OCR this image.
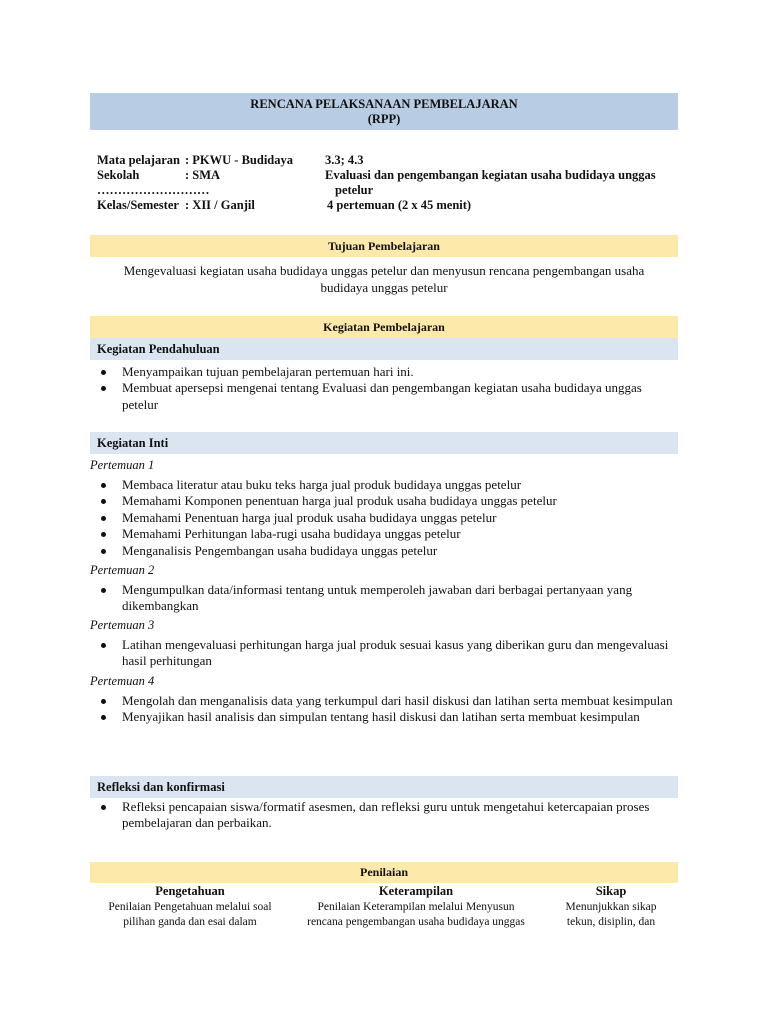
RENCANA PELAKSANAAN PEMBELAJARAN
(RPP)
Mata pelajaran : PKWU - Budidaya
Sekolah	: SMA
………………………
Kelas/Semester : XII / Ganjil
3.3; 4.3
Evaluasi dan pengembangan kegiatan usaha budidaya unggas
petelur
4 pertemuan (2 x 45 menit)
Tujuan Pembelajaran
Mengevaluasi kegiatan usaha budidaya unggas petelur dan menyusun rencana pengembangan usaha
budidaya unggas petelur
Kegiatan Pembelajaran
Kegiatan Pendahuluan
Menyampaikan tujuan pembelajaran pertemuan hari ini.
Membuat apersepsi mengenai tentang Evaluasi dan pengembangan kegiatan usaha budidaya unggas petelur
Kegiatan Inti
Pertemuan 1
Membaca literatur atau buku teks harga jual produk budidaya unggas petelur
Memahami Komponen penentuan harga jual produk usaha budidaya unggas petelur
Memahami Penentuan harga jual produk usaha budidaya unggas petelur
Memahami Perhitungan laba-rugi usaha budidaya unggas petelur
Menganalisis Pengembangan usaha budidaya unggas petelur
Pertemuan 2
Mengumpulkan data/informasi tentang untuk memperoleh jawaban dari berbagai pertanyaan yang dikembangkan
Pertemuan 3
Latihan mengevaluasi perhitungan harga jual produk sesuai kasus yang diberikan guru dan mengevaluasi hasil perhitungan
Pertemuan 4
Mengolah dan menganalisis data yang terkumpul dari hasil diskusi dan latihan serta membuat kesimpulan
Menyajikan hasil analisis dan simpulan tentang hasil diskusi dan latihan serta membuat kesimpulan
Refleksi dan konfirmasi
Refleksi pencapaian siswa/formatif asesmen, dan refleksi guru untuk mengetahui ketercapaian proses pembelajaran dan perbaikan.
Penilaian
Pengetahuan
Penilaian Pengetahuan melalui soal
pilihan ganda dan esai dalam
Keterampilan
Penilaian Keterampilan melalui Menyusun
rencana pengembangan usaha budidaya unggas
Sikap
Menunjukkan sikap
tekun, disiplin, dan
